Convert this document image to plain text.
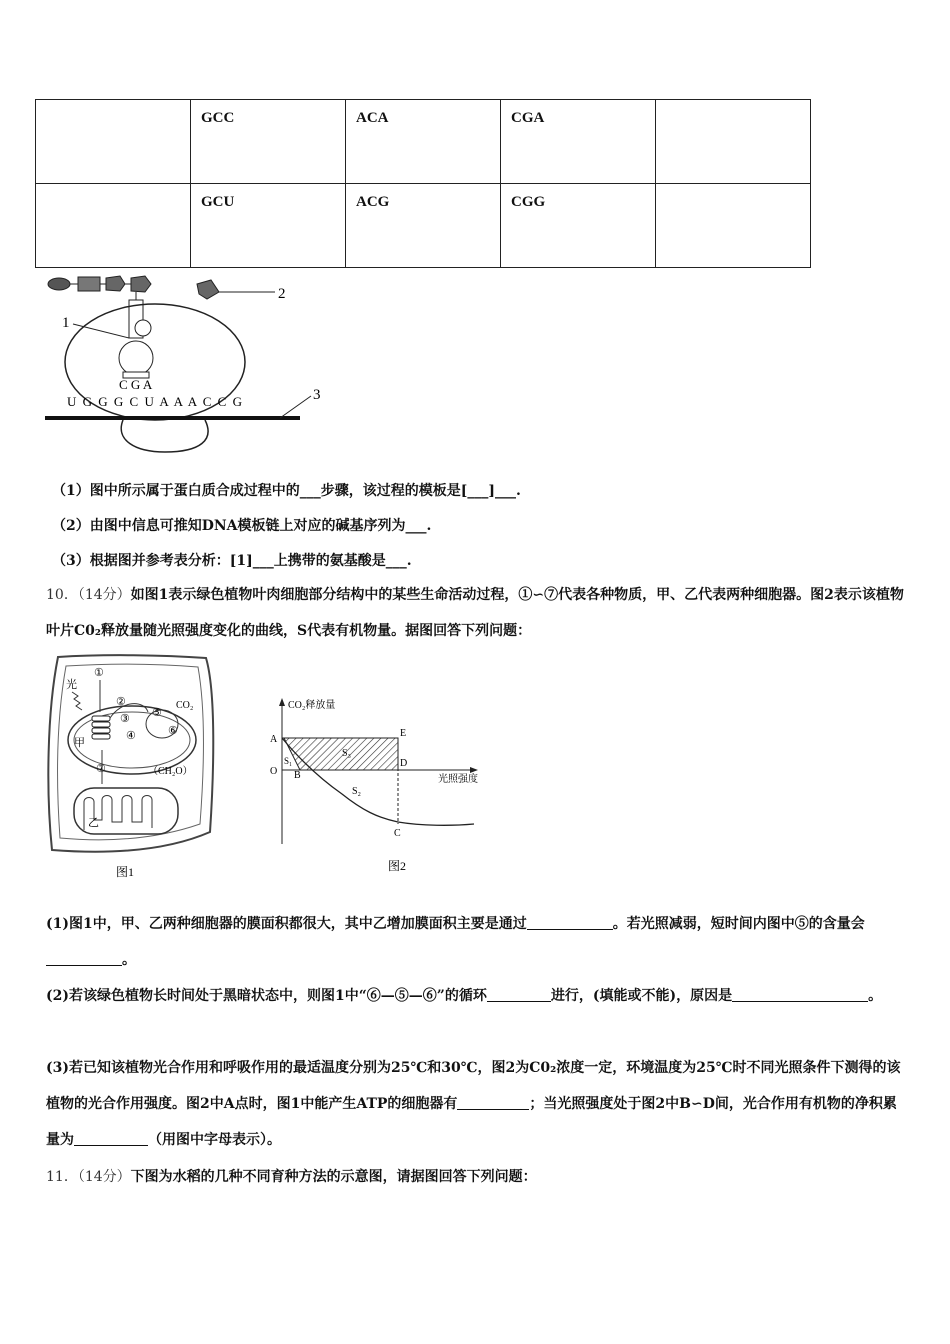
	GCC	ACA	CGA	
	GCU	ACG	CGG	
2
1
C G A
U G G G C U A A A C C G	3
（1）图中所示属于蛋白质合成过程中的___步骤，该过程的模板是[___]___.
（2）由图中信息可推知DNA模板链上对应的碱基序列为___.
（3）根据图并参考表分析：[1]___上携带的氨基酸是___.
10．（14分）如图1表示绿色植物叶肉细胞部分结构中的某些生命活动过程，①∽⑦代表各种物质，甲、乙代表两种细胞器。图2表示该植物叶片C0₂释放量随光照强度变化的曲线，S代表有机物量。据图回答下列问题：
甲
光
①
②
③
④
⑤
⑥
CO₂
（CH₂O）
⑦
乙
图1
CO₂释放量
光照强度
A
O
S₁
B
S₃
E
D
S₂
C
图2
(1)图1中，甲、乙两种细胞器的膜面积都很大，其中乙增加膜面积主要是通过	。若光照减弱，短时间内图中⑤的含量会。
(2)若该绿色植物长时间处于黑暗状态中，则图1中“⑥—⑤—⑥”的循环	进行，(填能或不能)，原因是	。
(3)若已知该植物光合作用和呼吸作用的最适温度分别为25℃和30℃，图2为C0₂浓度一定，环境温度为25℃时不同光照条件下测得的该植物的光合作用强度。图2中A点时，图1中能产生ATP的细胞器有	；当光照强度处于图2中B∽D间，光合作用有机物的净积累量为	（用图中字母表示）。
11．（14分）下图为水稻的几种不同育种方法的示意图，请据图回答下列问题：
